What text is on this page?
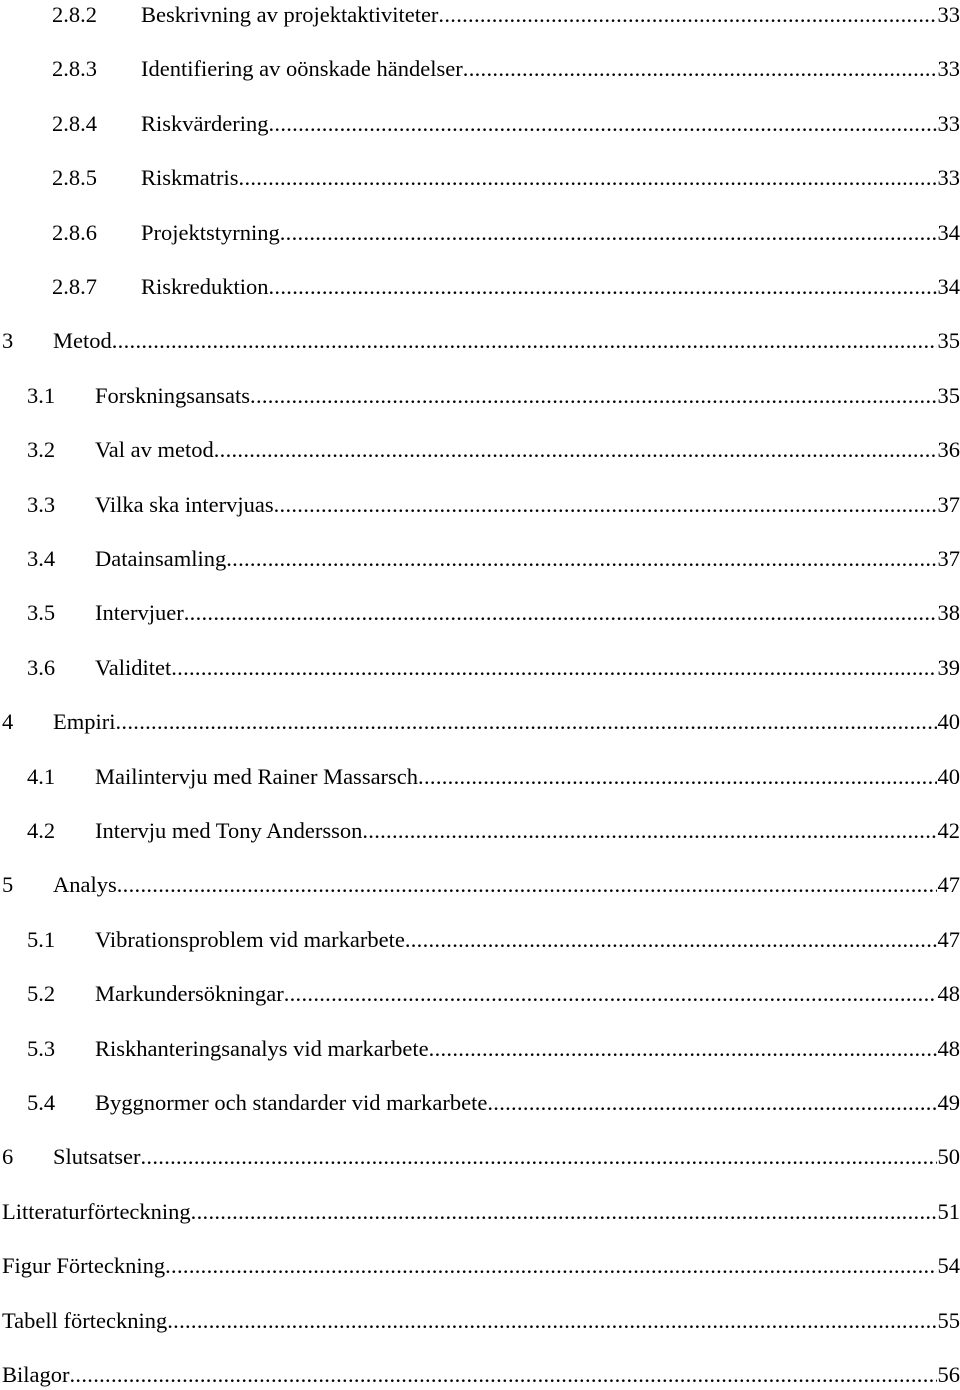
2.8.2 Beskrivning av projektaktiviteter .....	33
2.8.3 Identifiering av oönskade händelser .....	33
2.8.4 Riskvärdering .....	33
2.8.5 Riskmatris .....	33
2.8.6 Projektstyrning .....	34
2.8.7 Riskreduktion .....	34
3 Metod .....	35
3.1 Forskningsansats .....	35
3.2 Val av metod .....	36
3.3 Vilka ska intervjuas .....	37
3.4 Datainsamling .....	37
3.5 Intervjuer .....	38
3.6 Validitet .....	39
4 Empiri .....	40
4.1 Mailintervju med Rainer Massarsch .....	40
4.2 Intervju med Tony Andersson .....	42
5 Analys .....	47
5.1 Vibrationsproblem vid markarbete .....	47
5.2 Markundersökningar .....	48
5.3 Riskhanteringsanalys vid markarbete .....	48
5.4 Byggnormer och standarder vid markarbete .....	49
6 Slutsatser .....	50
Litteraturförteckning .....	51
Figur Förteckning .....	54
Tabell förteckning .....	55
Bilagor .....	56
